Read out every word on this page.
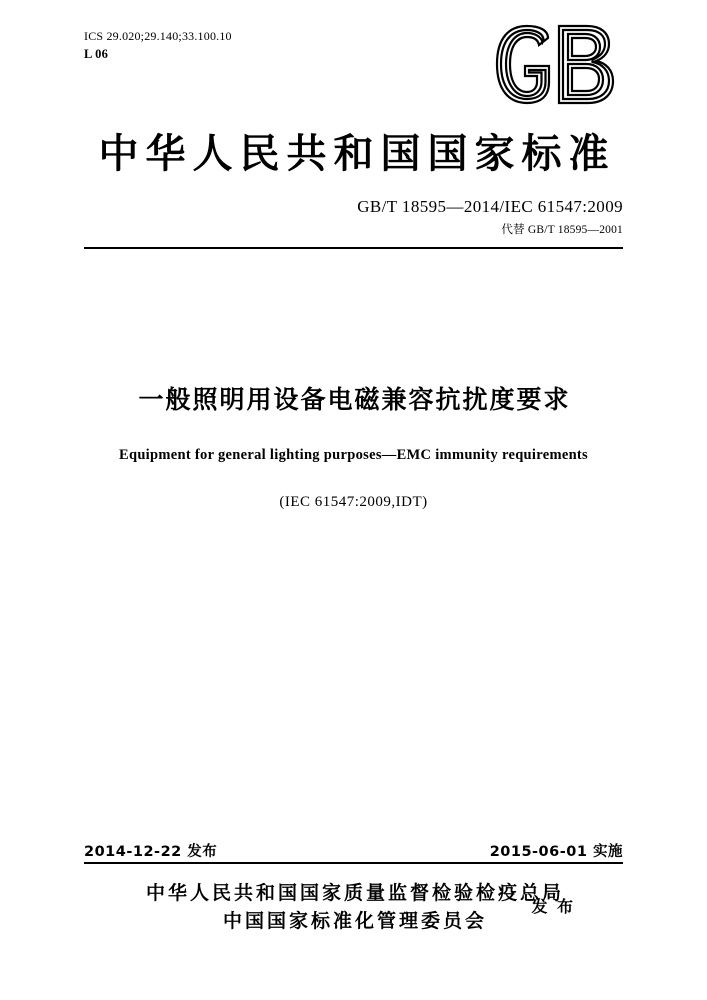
ICS 29.020;29.140;33.100.10
L 06
中华人民共和国国家标准
GB/T 18595—2014/IEC 61547:2009
代替 GB/T 18595—2001
一般照明用设备电磁兼容抗扰度要求
Equipment for general lighting purposes—EMC immunity requirements
(IEC 61547:2009,IDT)
2014-12-22 发布	2015-06-01 实施
中华人民共和国国家质量监督检验检疫总局
中国国家标准化管理委员会
发 布
